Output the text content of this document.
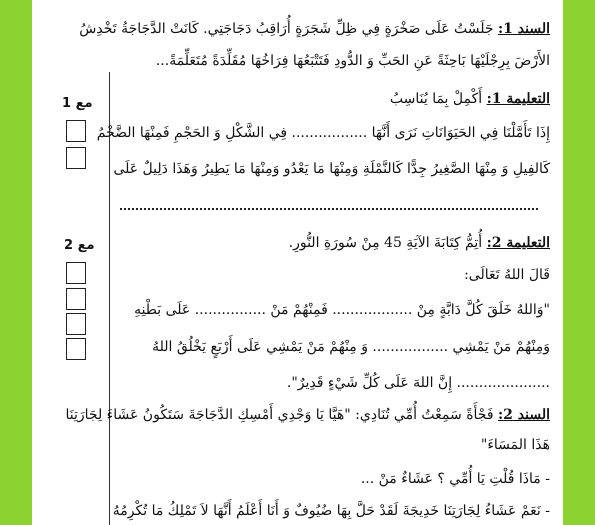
مع 1
مع 2
السند 1: جَلَسْتُ عَلَى صَخْرَةٍ فِي ظِلِّ شَجَرَةٍ أُرَاقِبُ دَجَاجَتِي. كَانَتْ الدَّجَاجَةُ تَخْدِشُ
الأَرْضَ بِرِجْلَيْهَا بَاحِثَةً عَنِ الحَبِّ وَ الدُّودِ فَتَتْبَعُهَا فِرَاخُهَا مُقَلِّدَةً مُتَعَلِّمَةً...
التعليمة 1: أَكْمِلْ بِمَا يُنَاسِبُ
إِذَا تَأَمَّلْنَا فِي الحَيَوَانَاتِ نَرَى أَنَّهَا ................. فِي الشَّكْلِ وَ الحَجْمِ فَمِنْهَا الضَّخْمُ
كَالفِيلِ وَ مِنْهَا الصَّغِيرُ جِدًّا كَالنَّمْلَةِ وَمِنْهَا مَا يَعْدُو وَمِنْهَا مَا يَطِيرُ وَهَذَا دَلِيلٌ عَلَى
التعليمة 2: أُتِمُّ كِتَابَةَ الآيَةِ 45 مِنْ سُورَةِ النُّورِ.
قَالَ اللهُ تَعَالَى:
"وَاللهُ خَلَقَ كُلَّ دَابَّةٍ مِنْ .................. فَمِنْهُمْ مَنْ ................ عَلَى بَطْنِهِ
وَمِنْهُمْ مَنْ يَمْشِي ................. وَ مِنْهُمْ مَنْ يَمْشِي عَلَى أَرْبَعٍ يَخْلُقُ اللهُ
..................... إِنَّ اللهَ عَلَى كُلِّ شَيْءٍ قَدِيرٌ".
السند 2: فَجْأَةً سَمِعْتُ أُمِّي تُنَادِي: "هَيَّا يَا وَجْدِي أَمْسِكِ الدَّجَاجَةَ سَتَكُونُ عَشَاءَ لِجَارَتِنَا
هَذَا المَسَاءَ"
- مَاذَا قُلْتِ يَا أُمِّي ؟ عَشَاءٌ مَنْ ...
- نَعَمْ عَشَاءُ لِجَارَتِنَا خَدِيجَةَ لَقَدْ حَلَّ بِهَا ضُيُوفٌ وَ أَنَا أَعْلَمُ أَنَّهَا لاَ تَمْلِكُ مَا تُكْرِمُهُ
